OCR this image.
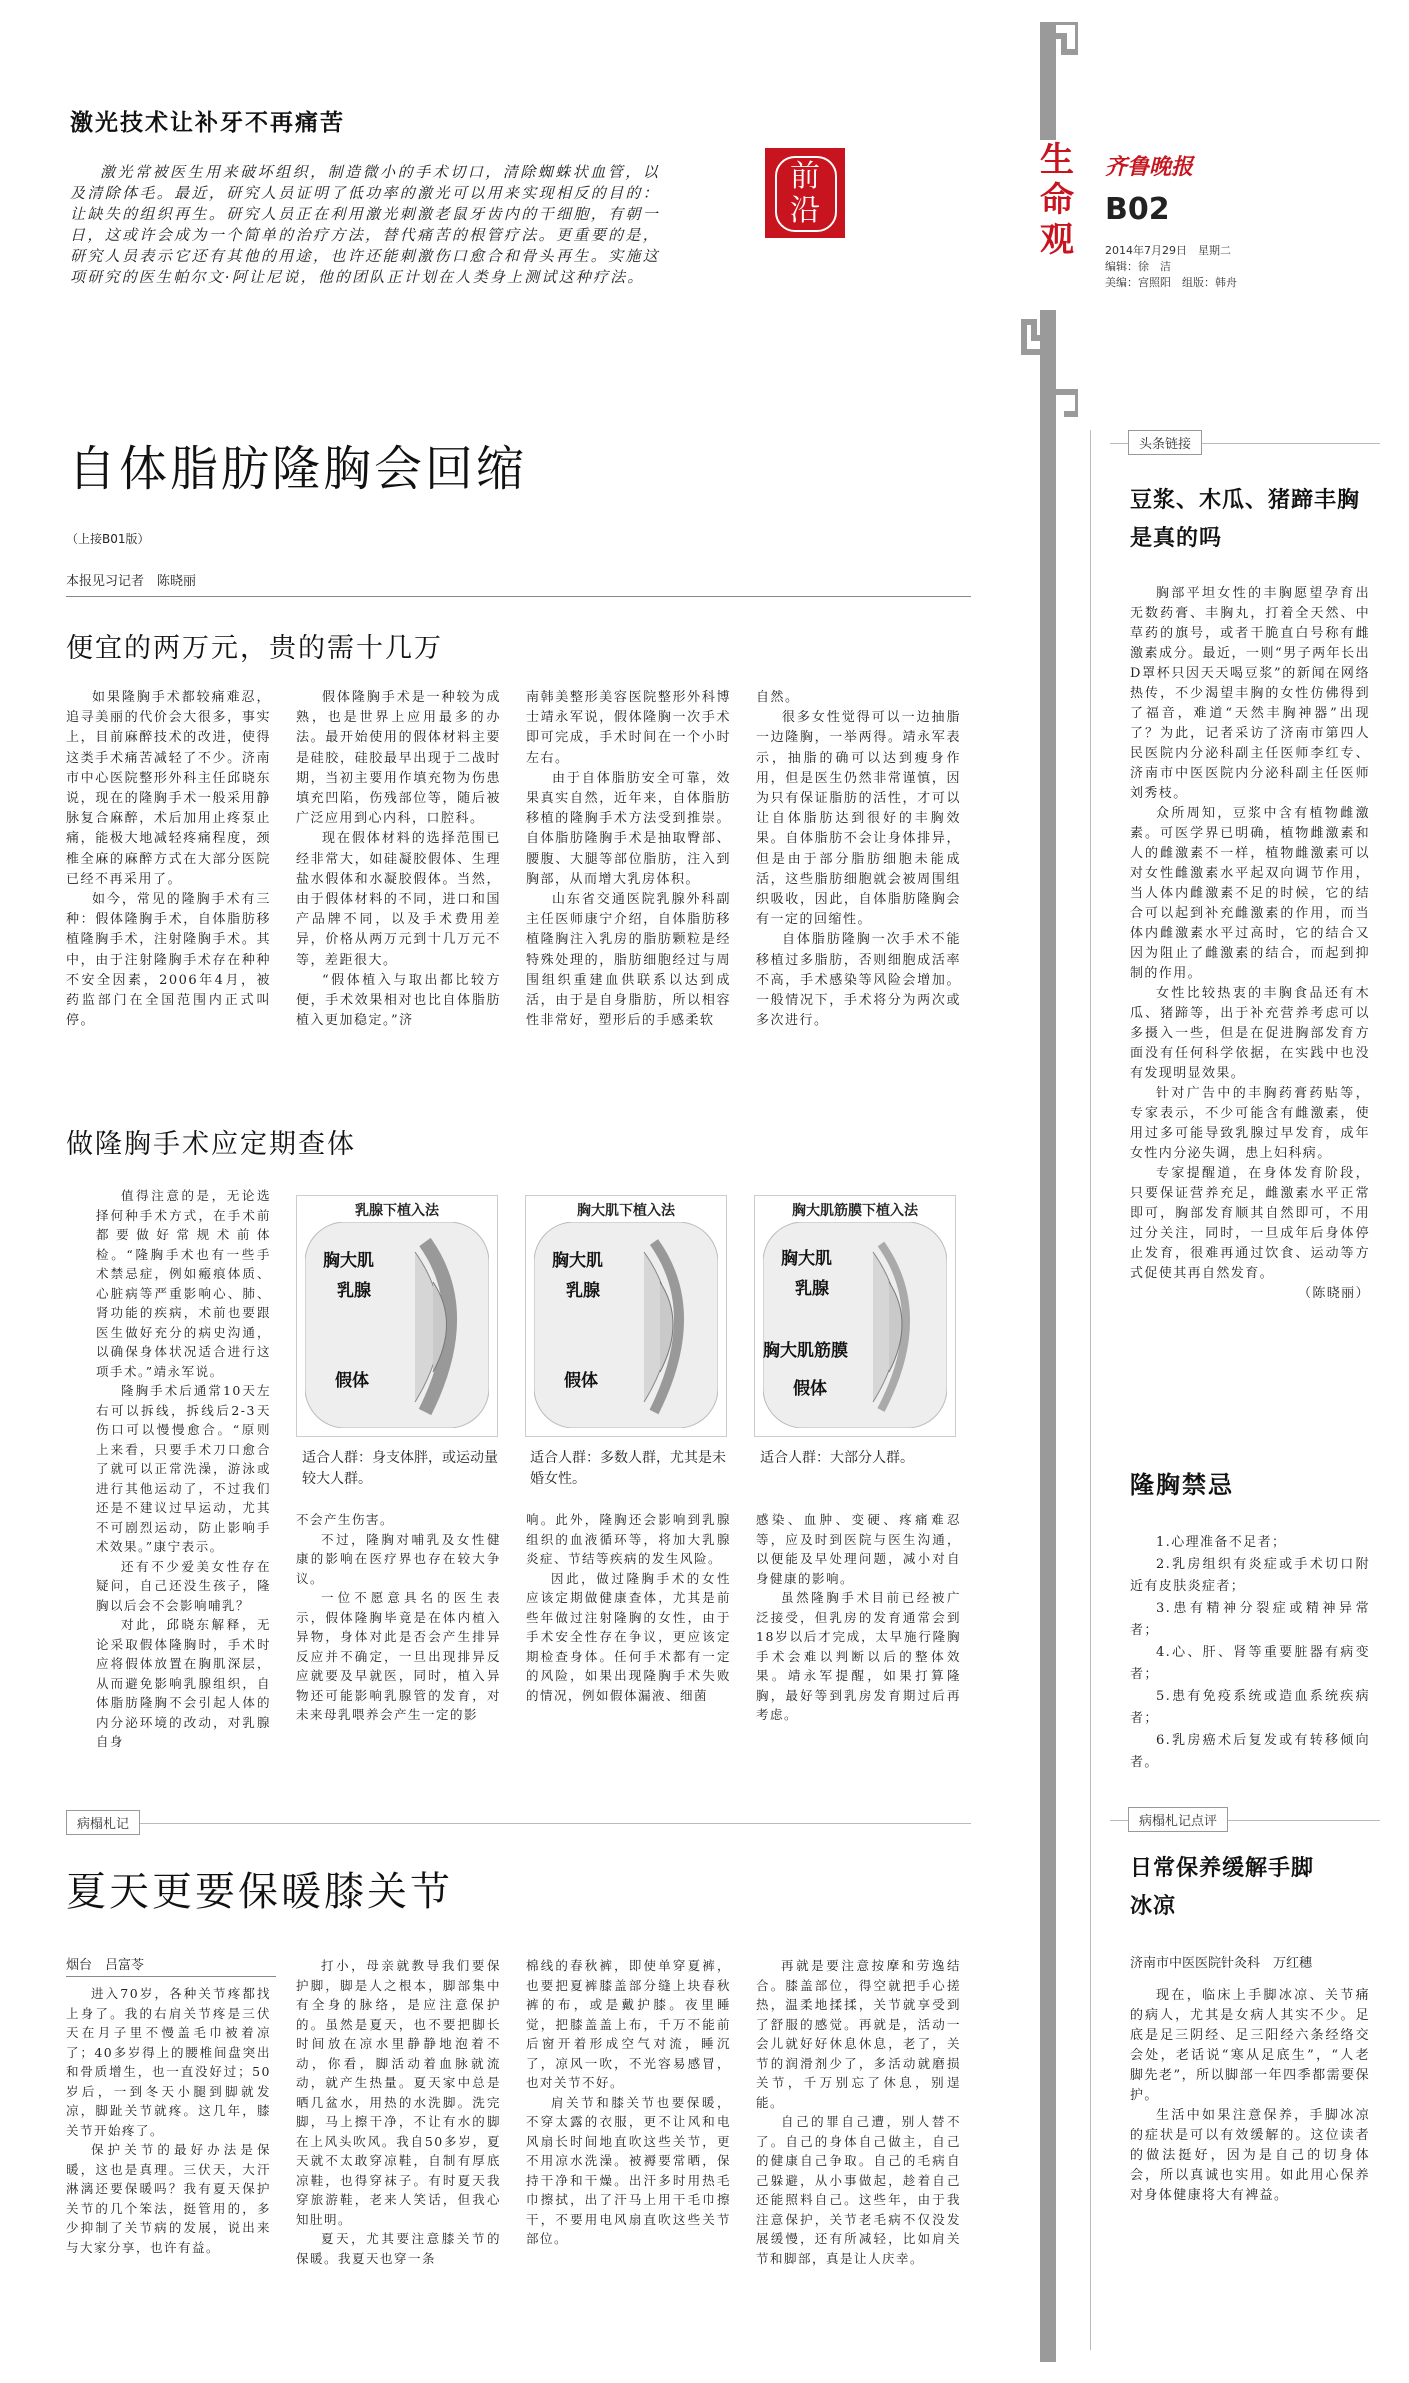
前沿
生命观
齐鲁晚报
B02
2014年7月29日　星期二
编辑：徐　洁
美编：宫照阳　组版：韩舟
激光技术让补牙不再痛苦
激光常被医生用来破坏组织，制造微小的手术切口，清除蜘蛛状血管，以及清除体毛。最近，研究人员证明了低功率的激光可以用来实现相反的目的：让缺失的组织再生。研究人员正在利用激光刺激老鼠牙齿内的干细胞，有朝一日，这或许会成为一个简单的治疗方法，替代痛苦的根管疗法。更重要的是，研究人员表示它还有其他的用途，也许还能刺激伤口愈合和骨头再生。实施这项研究的医生帕尔文·阿让尼说，他的团队正计划在人类身上测试这种疗法。
自体脂肪隆胸会回缩
（上接B01版）
本报见习记者　陈晓丽
便宜的两万元，贵的需十几万

如果隆胸手术都较痛难忍，追寻美丽的代价会大很多，事实上，目前麻醉技术的改进，使得这类手术痛苦减轻了不少。济南市中心医院整形外科主任邱晓东说，现在的隆胸手术一般采用静脉复合麻醉，术后加用止疼泵止痛，能极大地减轻疼痛程度，颈椎全麻的麻醉方式在大部分医院已经不再采用了。

如今，常见的隆胸手术有三种：假体隆胸手术，自体脂肪移植隆胸手术，注射隆胸手术。其中，由于注射隆胸手术存在种种不安全因素，2006年4月，被药监部门在全国范围内正式叫停。

假体隆胸手术是一种较为成熟，也是世界上应用最多的办法。最开始使用的假体材料主要是硅胶，硅胶最早出现于二战时期，当初主要用作填充物为伤患填充凹陷，伤残部位等，随后被广泛应用到心内科，口腔科。

现在假体材料的选择范围已经非常大，如硅凝胶假体、生理盐水假体和水凝胶假体。当然，由于假体材料的不同，进口和国产品牌不同，以及手术费用差异，价格从两万元到十几万元不等，差距很大。

“假体植入与取出都比较方便，手术效果相对也比自体脂肪植入更加稳定。”济

南韩美整形美容医院整形外科博士靖永军说，假体隆胸一次手术即可完成，手术时间在一个小时左右。

由于自体脂肪安全可靠，效果真实自然，近年来，自体脂肪移植的隆胸手术方法受到推崇。自体脂肪隆胸手术是抽取臀部、腰腹、大腿等部位脂肪，注入到胸部，从而增大乳房体积。

山东省交通医院乳腺外科副主任医师康宁介绍，自体脂肪移植隆胸注入乳房的脂肪颗粒是经特殊处理的，脂肪细胞经过与周围组织重建血供联系以达到成活，由于是自身脂肪，所以相容性非常好，塑形后的手感柔软

自然。

很多女性觉得可以一边抽脂一边隆胸，一举两得。靖永军表示，抽脂的确可以达到瘦身作用，但是医生仍然非常谨慎，因为只有保证脂肪的活性，才可以让自体脂肪达到很好的丰胸效果。自体脂肪不会让身体排异，但是由于部分脂肪细胞未能成活，这些脂肪细胞就会被周围组织吸收，因此，自体脂肪隆胸会有一定的回缩性。

自体脂肪隆胸一次手术不能移植过多脂肪，否则细胞成活率不高，手术感染等风险会增加。一般情况下，手术将分为两次或多次进行。

做隆胸手术应定期查体

值得注意的是，无论选择何种手术方式，在手术前都要做好常规术前体检。“隆胸手术也有一些手术禁忌症，例如瘢痕体质、心脏病等严重影响心、肺、肾功能的疾病，术前也要跟医生做好充分的病史沟通，以确保身体状况适合进行这项手术。”靖永军说。

隆胸手术后通常10天左右可以拆线，拆线后2-3天伤口可以慢慢愈合。“原则上来看，只要手术刀口愈合了就可以正常洗澡，游泳或进行其他运动了，不过我们还是不建议过早运动，尤其不可剧烈运动，防止影响手术效果。”康宁表示。

还有不少爱美女性存在疑问，自己还没生孩子，隆胸以后会不会影响哺乳？

对此，邱晓东解释，无论采取假体隆胸时，手术时应将假体放置在胸肌深层，从而避免影响乳腺组织，自体脂肪隆胸不会引起人体的内分泌环境的改动，对乳腺自身

乳腺下植入法
胸大肌
乳腺
假体
胸大肌下植入法
胸大肌
乳腺
假体
胸大肌筋膜下植入法
胸大肌
乳腺
胸大肌筋膜
假体
适合人群：身支体胖，或运动量较大人群。
适合人群：多数人群，尤其是未婚女性。
适合人群：大部分人群。

不会产生伤害。

不过，隆胸对哺乳及女性健康的影响在医疗界也存在较大争议。

一位不愿意具名的医生表示，假体隆胸毕竟是在体内植入异物，身体对此是否会产生排异反应并不确定，一旦出现排异反应就要及早就医，同时，植入异物还可能影响乳腺管的发育，对未来母乳喂养会产生一定的影

响。此外，隆胸还会影响到乳腺组织的血液循环等，将加大乳腺炎症、节结等疾病的发生风险。

因此，做过隆胸手术的女性应该定期做健康查体，尤其是前些年做过注射隆胸的女性，由于手术安全性存在争议，更应该定期检查身体。任何手术都有一定的风险，如果出现隆胸手术失败的情况，例如假体漏液、细菌

感染、血肿、变硬、疼痛难忍等，应及时到医院与医生沟通，以便能及早处理问题，减小对自身健康的影响。

虽然隆胸手术目前已经被广泛接受，但乳房的发育通常会到18岁以后才完成，太早施行隆胸手术会难以判断以后的整体效果。靖永军提醒，如果打算隆胸，最好等到乳房发育期过后再考虑。

病榻札记
夏天更要保暖膝关节
烟台　吕富苓

进入70岁，各种关节疼都找上身了。我的右肩关节疼是三伏天在月子里不慢盖毛巾被着凉了；40多岁得上的腰椎间盘突出和骨质增生，也一直没好过；50岁后，一到冬天小腿到脚就发凉，脚趾关节就疼。这几年，膝关节开始疼了。

保护关节的最好办法是保暖，这也是真理。三伏天，大汗淋漓还要保暖吗？我有夏天保护关节的几个笨法，挺管用的，多少抑制了关节病的发展，说出来与大家分享，也许有益。

打小，母亲就教导我们要保护脚，脚是人之根本，脚部集中有全身的脉络，是应注意保护的。虽然是夏天，也不要把脚长时间放在凉水里静静地泡着不动，你看，脚活动着血脉就流动，就产生热量。夏天家中总是晒几盆水，用热的水洗脚。洗完脚，马上擦干净，不让有水的脚在上风头吹风。我自50多岁，夏天就不太敢穿凉鞋，自制有厚底凉鞋，也得穿袜子。有时夏天我穿旅游鞋，老来人笑话，但我心知肚明。

夏天，尤其要注意膝关节的保暖。我夏天也穿一条

棉线的春秋裤，即使单穿夏裤，也要把夏裤膝盖部分缝上块春秋裤的布，或是戴护膝。夜里睡觉，把膝盖盖上布，千万不能前后窗开着形成空气对流，睡沉了，凉风一吹，不光容易感冒，也对关节不好。

肩关节和膝关节也要保暖，不穿太露的衣服，更不让风和电风扇长时间地直吹这些关节，更不用凉水洗澡。被褥要常晒，保持干净和干燥。出汗多时用热毛巾擦拭，出了汗马上用干毛巾擦干，不要用电风扇直吹这些关节部位。

再就是要注意按摩和劳逸结合。膝盖部位，得空就把手心搓热，温柔地揉揉，关节就享受到了舒服的感觉。再就是，活动一会儿就好好休息休息，老了，关节的润滑剂少了，多活动就磨损关节，千万别忘了休息，别逞能。

自己的罪自己遭，别人替不了。自己的身体自己做主，自己的健康自己争取。自己的毛病自己躲避，从小事做起，趁着自己还能照料自己。这些年，由于我注意保护，关节老毛病不仅没发展缓慢，还有所减轻，比如肩关节和脚部，真是让人庆幸。

头条链接
豆浆、木瓜、猪蹄丰胸是真的吗

胸部平坦女性的丰胸愿望孕育出无数药膏、丰胸丸，打着全天然、中草药的旗号，或者干脆直白号称有雌激素成分。最近，一则“男子两年长出D罩杯只因天天喝豆浆”的新闻在网络热传，不少渴望丰胸的女性仿佛得到了福音，难道“天然丰胸神器”出现了？为此，记者采访了济南市第四人民医院内分泌科副主任医师李红专、济南市中医医院内分泌科副主任医师刘秀枝。

众所周知，豆浆中含有植物雌激素。可医学界已明确，植物雌激素和人的雌激素不一样，植物雌激素可以对女性雌激素水平起双向调节作用，当人体内雌激素不足的时候，它的结合可以起到补充雌激素的作用，而当体内雌激素水平过高时，它的结合又因为阻止了雌激素的结合，而起到抑制的作用。

女性比较热衷的丰胸食品还有木瓜、猪蹄等，出于补充营养考虑可以多摄入一些，但是在促进胸部发育方面没有任何科学依据，在实践中也没有发现明显效果。

针对广告中的丰胸药膏药贴等，专家表示，不少可能含有雌激素，使用过多可能导致乳腺过早发育，成年女性内分泌失调，患上妇科病。

专家提醒道，在身体发育阶段，只要保证营养充足，雌激素水平正常即可，胸部发育顺其自然即可，不用过分关注，同时，一旦成年后身体停止发育，很难再通过饮食、运动等方式促使其再自然发育。

（陈晓丽）
隆胸禁忌

1.心理准备不足者；

2.乳房组织有炎症或手术切口附近有皮肤炎症者；

3.患有精神分裂症或精神异常者；

4.心、肝、肾等重要脏器有病变者；

5.患有免疫系统或造血系统疾病者；

6.乳房癌术后复发或有转移倾向者。

病榻札记点评
日常保养缓解手脚冰凉
济南市中医医院针灸科　万红穗

现在，临床上手脚冰凉、关节痛的病人，尤其是女病人其实不少。足底是足三阴经、足三阳经六条经络交会处，老话说“寒从足底生”，“人老脚先老”，所以脚部一年四季都需要保护。

生活中如果注意保养，手脚冰凉的症状是可以有效缓解的。这位读者的做法挺好，因为是自己的切身体会，所以真诚也实用。如此用心保养对身体健康将大有裨益。
